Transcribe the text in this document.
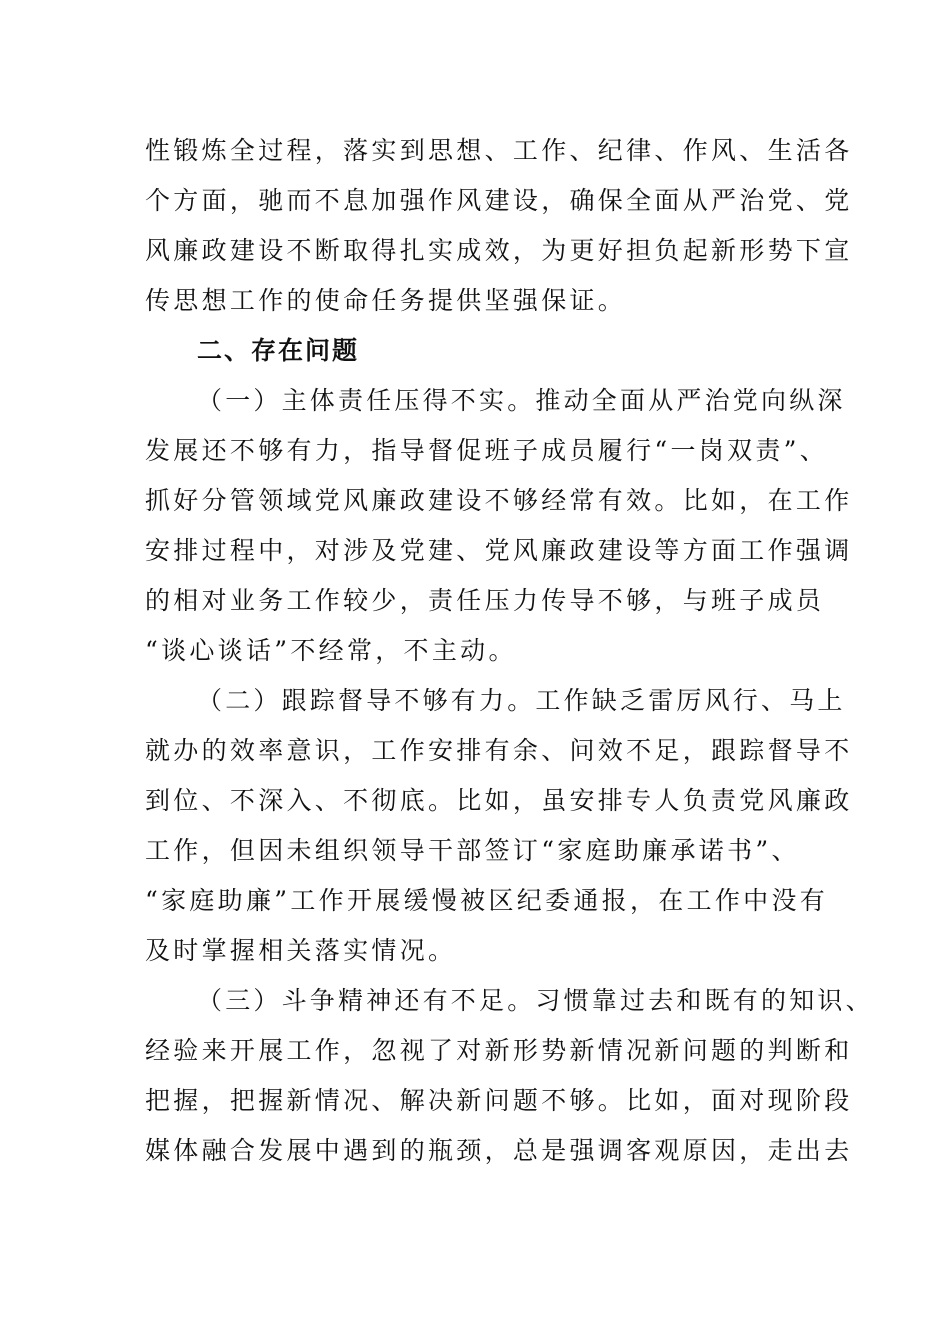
性锻炼全过程，落实到思想、工作、纪律、作风、生活各
个方面，驰而不息加强作风建设，确保全面从严治党、党
风廉政建设不断取得扎实成效，为更好担负起新形势下宣
传思想工作的使命任务提供坚强保证。
二、存在问题
（一）主体责任压得不实。推动全面从严治党向纵深
发展还不够有力，指导督促班子成员履行“一岗双责”、
抓好分管领域党风廉政建设不够经常有效。比如，在工作
安排过程中，对涉及党建、党风廉政建设等方面工作强调
的相对业务工作较少，责任压力传导不够，与班子成员
“谈心谈话”不经常，不主动。
（二）跟踪督导不够有力。工作缺乏雷厉风行、马上
就办的效率意识，工作安排有余、问效不足，跟踪督导不
到位、不深入、不彻底。比如，虽安排专人负责党风廉政
工作，但因未组织领导干部签订“家庭助廉承诺书”、
“家庭助廉”工作开展缓慢被区纪委通报，在工作中没有
及时掌握相关落实情况。
（三）斗争精神还有不足。习惯靠过去和既有的知识、
经验来开展工作，忽视了对新形势新情况新问题的判断和
把握，把握新情况、解决新问题不够。比如，面对现阶段
媒体融合发展中遇到的瓶颈，总是强调客观原因，走出去
